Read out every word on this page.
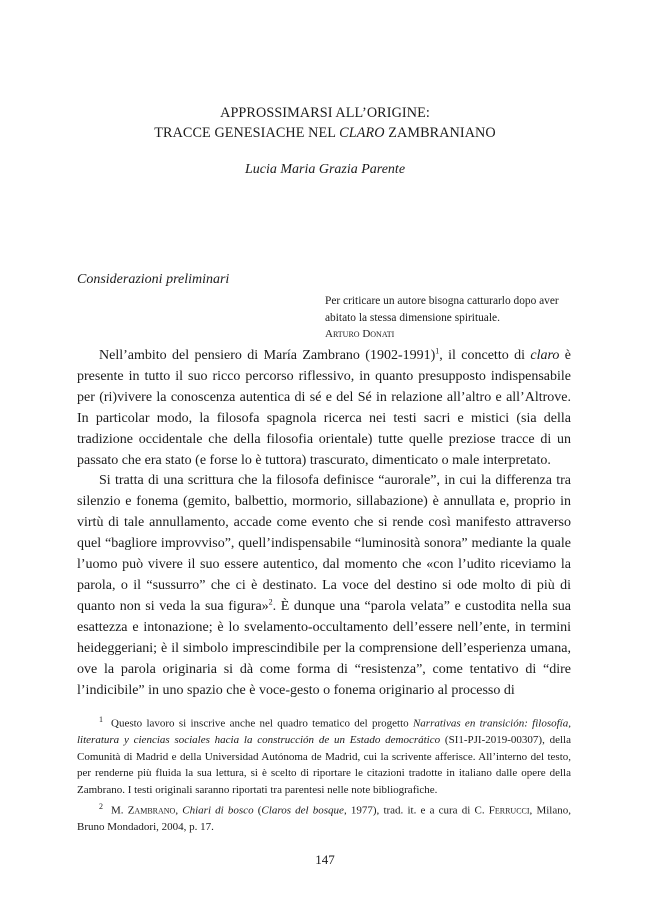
APPROSSIMARSI ALL’ORIGINE:
TRACCE GENESIACHE NEL CLARO ZAMBRANIANO
Lucia Maria Grazia Parente
Considerazioni preliminari
Per criticare un autore bisogna catturarlo dopo aver abitato la stessa dimensione spirituale.
Arturo Donati

Nell’ambito del pensiero di María Zambrano (1902-1991)$^1$, il concetto di claro è presente in tutto il suo ricco percorso riflessivo, in quanto presupposto indispensabile per (ri)vivere la conoscenza autentica di sé e del Sé in relazione all’altro e all’Altrove. In particolar modo, la filosofa spagnola ricerca nei testi sacri e mistici (sia della tradizione occidentale che della filosofia orientale) tutte quelle preziose tracce di un passato che era stato (e forse lo è tuttora) trascurato, dimenticato o male interpretato.

Si tratta di una scrittura che la filosofa definisce “aurorale”, in cui la differenza tra silenzio e fonema (gemito, balbettio, mormorio, sillabazione) è annullata e, proprio in virtù di tale annullamento, accade come evento che si rende così manifesto attraverso quel “bagliore improvviso”, quell’indispensabile “luminosità sonora” mediante la quale l’uomo può vivere il suo essere autentico, dal momento che «con l’udito riceviamo la parola, o il “sussurro” che ci è destinato. La voce del destino si ode molto di più di quanto non si veda la sua figura»$^2$. È dunque una “parola velata” e custodita nella sua esattezza e intonazione; è lo svelamento-occultamento dell’essere nell’ente, in termini heideggeriani; è il simbolo imprescindibile per la comprensione dell’esperienza umana, ove la parola originaria si dà come forma di “resistenza”, come tentativo di “dire l’indicibile” in uno spazio che è voce-gesto o fonema originario al processo di

$^1$ Questo lavoro si inscrive anche nel quadro tematico del progetto Narrativas en transición: filosofía, literatura y ciencias sociales hacia la construcción de un Estado democrático (SI1-PJI-2019-00307), della Comunità di Madrid e della Universidad Autónoma de Madrid, cui la scrivente afferisce. All’interno del testo, per renderne più fluida la sua lettura, si è scelto di riportare le citazioni tradotte in italiano dalle opere della Zambrano. I testi originali saranno riportati tra parentesi nelle note bibliografiche.

$^2$ M. Zambrano, Chiari di bosco (Claros del bosque, 1977), trad. it. e a cura di C. Ferrucci, Milano, Bruno Mondadori, 2004, p. 17.

147
